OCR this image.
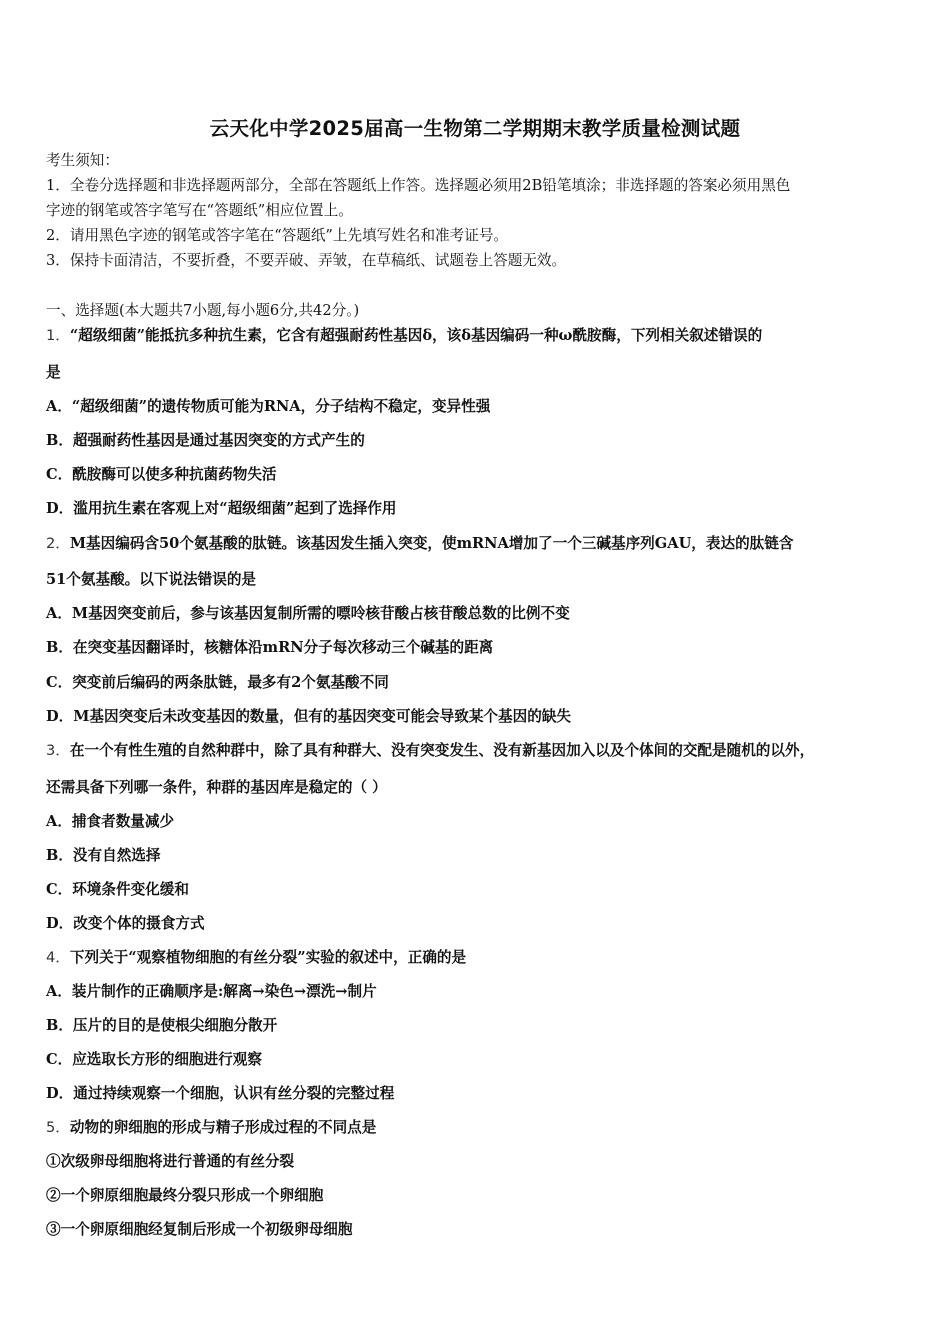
云天化中学2025届高一生物第二学期期末教学质量检测试题
考生须知：
1．全卷分选择题和非选择题两部分，全部在答题纸上作答。选择题必须用2B铅笔填涂；非选择题的答案必须用黑色
字迹的钢笔或答字笔写在“答题纸”相应位置上。
2．请用黑色字迹的钢笔或答字笔在“答题纸”上先填写姓名和准考证号。
3．保持卡面清洁，不要折叠，不要弄破、弄皱，在草稿纸、试题卷上答题无效。
一、选择题(本大题共7小题,每小题6分,共42分。)
1．“超级细菌”能抵抗多种抗生素，它含有超强耐药性基因δ，该δ基因编码一种ω酰胺酶，下列相关叙述错误的
是
A．“超级细菌”的遗传物质可能为RNA，分子结构不稳定，变异性强
B．超强耐药性基因是通过基因突变的方式产生的
C．酰胺酶可以使多种抗菌药物失活
D．滥用抗生素在客观上对“超级细菌”起到了选择作用
2．M基因编码含50个氨基酸的肽链。该基因发生插入突变，使mRNA增加了一个三碱基序列GAU，表达的肽链含
51个氨基酸。以下说法错误的是
A．M基因突变前后，参与该基因复制所需的嘌呤核苷酸占核苷酸总数的比例不变
B．在突变基因翻译时，核糖体沿mRN分子每次移动三个碱基的距离
C．突变前后编码的两条肽链，最多有2个氨基酸不同
D．M基因突变后未改变基因的数量，但有的基因突变可能会导致某个基因的缺失
3．在一个有性生殖的自然种群中，除了具有种群大、没有突变发生、没有新基因加入以及个体间的交配是随机的以外，
还需具备下列哪一条件，种群的基因库是稳定的（ ）
A．捕食者数量减少
B．没有自然选择
C．环境条件变化缓和
D．改变个体的摄食方式
4．下列关于“观察植物细胞的有丝分裂”实验的叙述中，正确的是
A．装片制作的正确顺序是:解离→染色→漂洗→制片
B．压片的目的是使根尖细胞分散开
C．应选取长方形的细胞进行观察
D．通过持续观察一个细胞，认识有丝分裂的完整过程
5．动物的卵细胞的形成与精子形成过程的不同点是
①次级卵母细胞将进行普通的有丝分裂
②一个卵原细胞最终分裂只形成一个卵细胞
③一个卵原细胞经复制后形成一个初级卵母细胞
